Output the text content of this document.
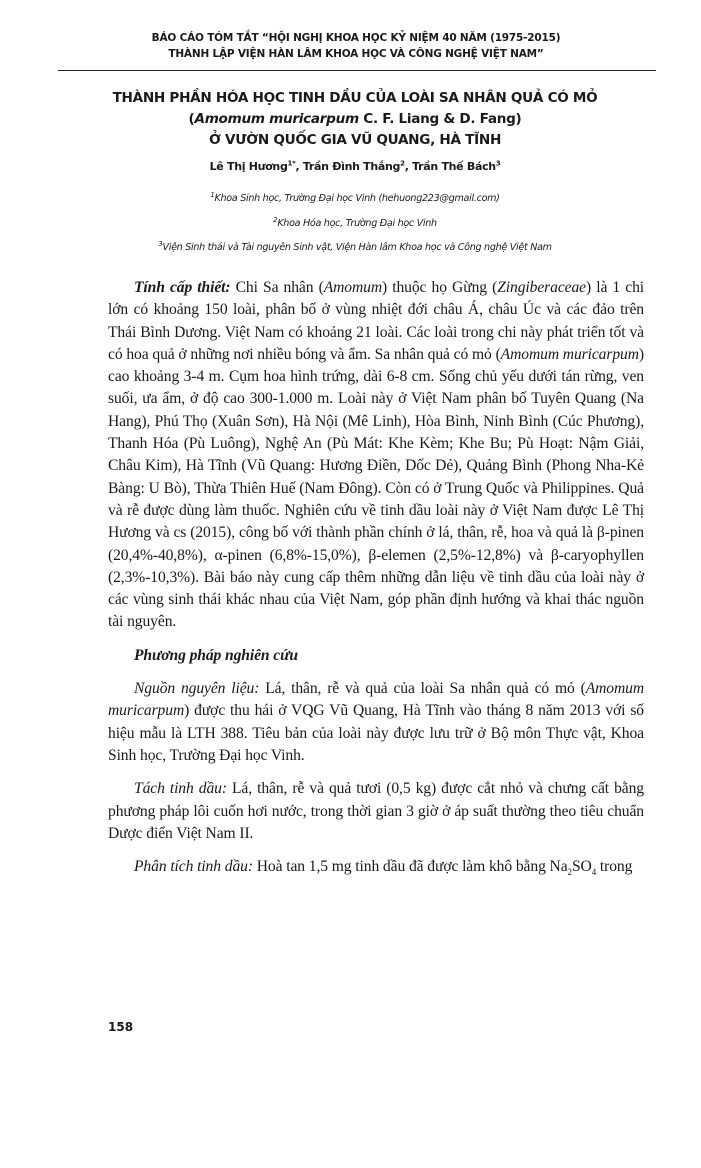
BÁO CÁO TÓM TẮT “HỘI NGHỊ KHOA HỌC KỶ NIỆM 40 NĂM (1975-2015)
THÀNH LẬP VIỆN HÀN LÂM KHOA HỌC VÀ CÔNG NGHỆ VIỆT NAM”
THÀNH PHẦN HÓA HỌC TINH DẦU CỦA LOÀI SA NHÂN QUẢ CÓ MỎ
(Amomum muricarpum C. F. Liang & D. Fang)
Ở VƯỜN QUỐC GIA VŨ QUANG, HÀ TĨNH
Lê Thị Hương$^{1*}$, Trần Đình Thắng$^2$, Trần Thế Bách$^3$
$^1$Khoa Sinh học, Trường Đại học Vinh (hehuong223@gmail.com)
$^2$Khoa Hóa học, Trường Đại học Vinh
$^3$Viện Sinh thái và Tài nguyên Sinh vật, Viện Hàn lâm Khoa học và Công nghệ Việt Nam

Tính cấp thiết: Chi Sa nhân (Amomum) thuộc họ Gừng (Zingiberaceae) là 1 chi lớn có khoảng 150 loài, phân bố ở vùng nhiệt đới châu Á, châu Úc và các đảo trên Thái Bình Dương. Việt Nam có khoảng 21 loài. Các loài trong chi này phát triển tốt và có hoa quả ở những nơi nhiều bóng và ẩm. Sa nhân quả có mỏ (Amomum muricarpum) cao khoảng 3-4 m. Cụm hoa hình trứng, dài 6-8 cm. Sống chủ yếu dưới tán rừng, ven suối, ưa ẩm, ở độ cao 300-1.000 m. Loài này ở Việt Nam phân bố Tuyên Quang (Na Hang), Phú Thọ (Xuân Sơn), Hà Nội (Mê Linh), Hòa Bình, Ninh Bình (Cúc Phương), Thanh Hóa (Pù Luông), Nghệ An (Pù Mát: Khe Kèm; Khe Bu; Pù Hoạt: Nậm Giải, Châu Kim), Hà Tĩnh (Vũ Quang: Hương Điền, Dốc Dẻ), Quảng Bình (Phong Nha-Kẻ Bàng: U Bò), Thừa Thiên Huế (Nam Đông). Còn có ở Trung Quốc và Philippines. Quả và rễ được dùng làm thuốc. Nghiên cứu về tinh dầu loài này ở Việt Nam được Lê Thị Hương và cs (2015), công bố với thành phần chính ở lá, thân, rễ, hoa và quả là β-pinen (20,4%-40,8%), α-pinen (6,8%-15,0%), β-elemen (2,5%-12,8%) và β-caryophyllen (2,3%-10,3%). Bài báo này cung cấp thêm những dẫn liệu về tinh dầu của loài này ở các vùng sinh thái khác nhau của Việt Nam, góp phần định hướng và khai thác nguồn tài nguyên.

Phương pháp nghiên cứu

Nguồn nguyên liệu: Lá, thân, rễ và quả của loài Sa nhân quả có mỏ (Amomum muricarpum) được thu hái ở VQG Vũ Quang, Hà Tĩnh vào tháng 8 năm 2013 với số hiệu mẫu là LTH 388. Tiêu bản của loài này được lưu trữ ở Bộ môn Thực vật, Khoa Sinh học, Trường Đại học Vinh.

Tách tinh dầu: Lá, thân, rễ và quả tươi (0,5 kg) được cắt nhỏ và chưng cất bằng phương pháp lôi cuốn hơi nước, trong thời gian 3 giờ ở áp suất thường theo tiêu chuẩn Dược điển Việt Nam II.

Phân tích tinh dầu: Hoà tan 1,5 mg tinh dầu đã được làm khô bằng $Na_2SO_4$ trong

158
